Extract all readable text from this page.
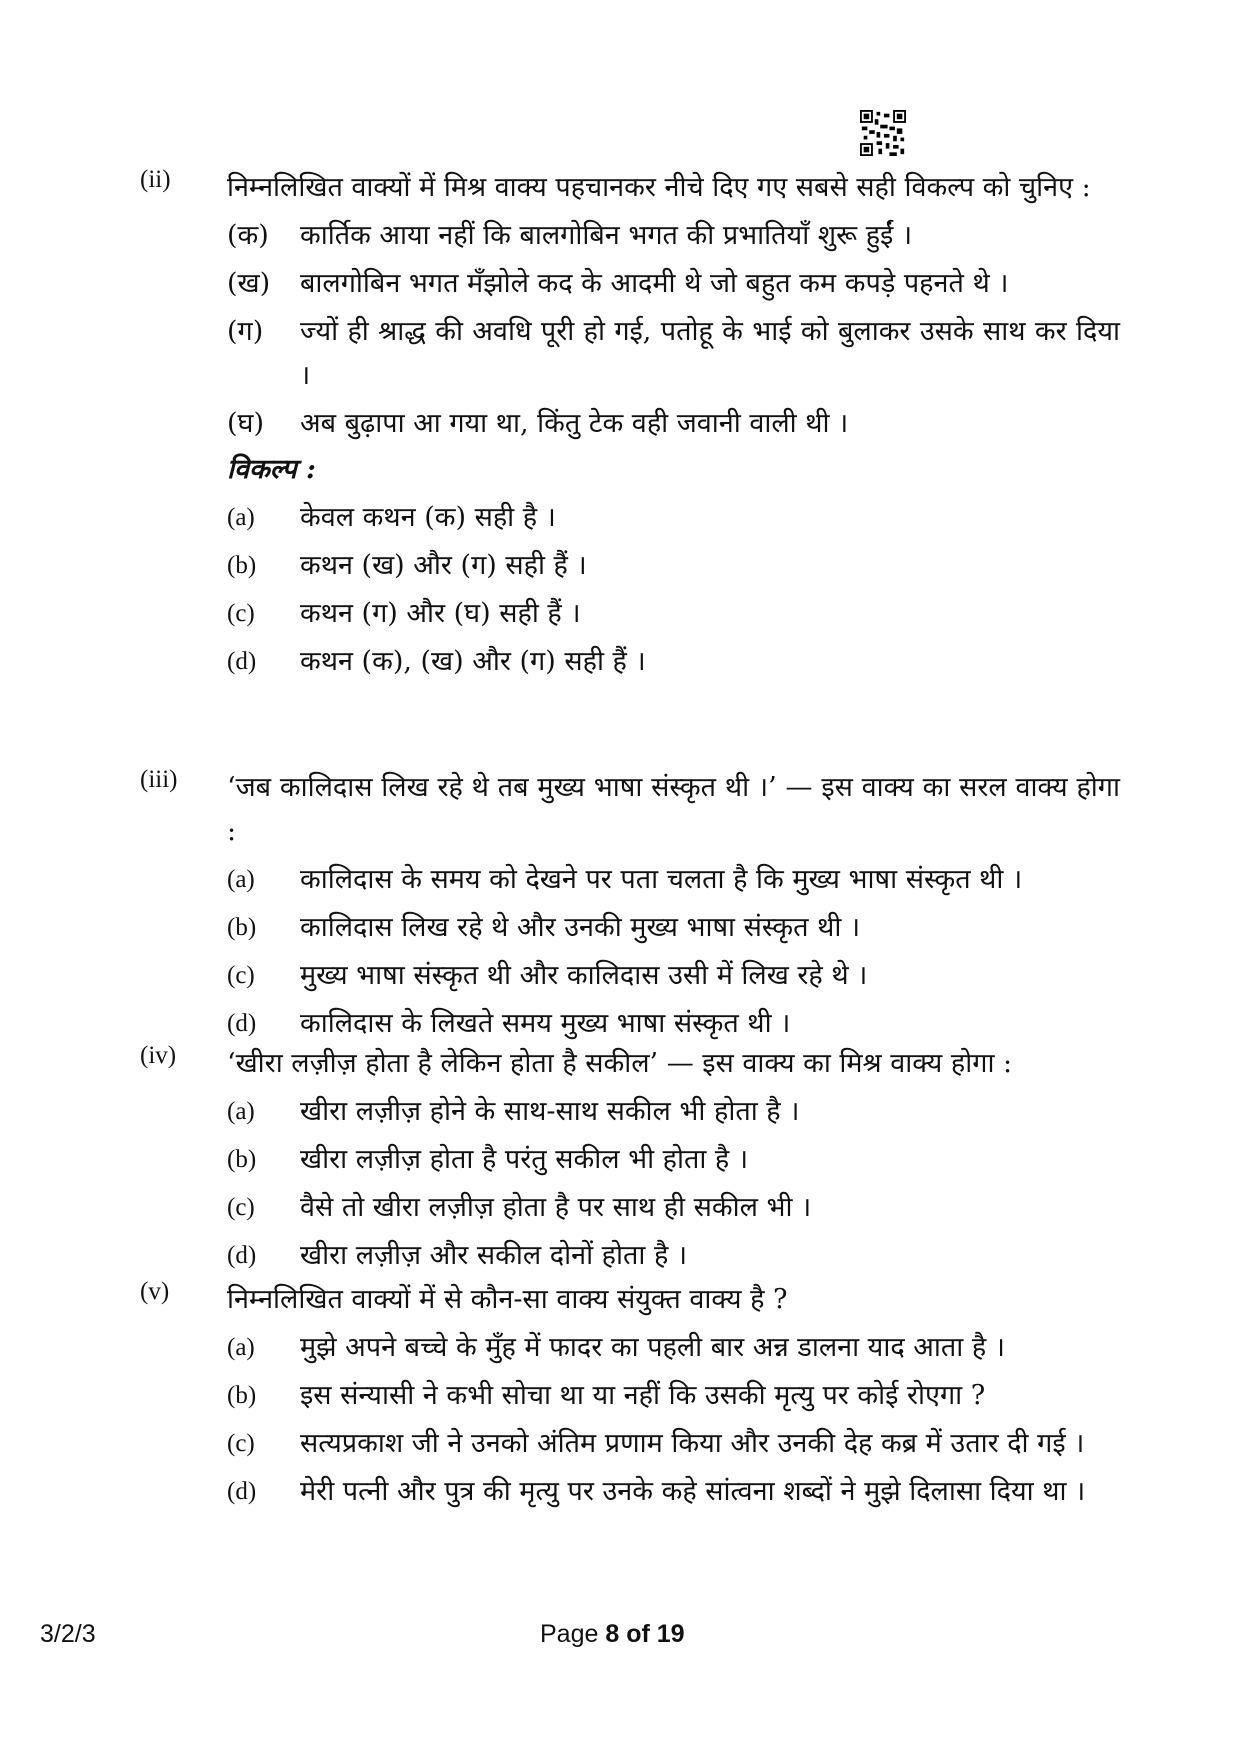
(ii) निम्नलिखित वाक्यों में मिश्र वाक्य पहचानकर नीचे दिए गए सबसे सही विकल्प को चुनिए :
(क) कार्तिक आया नहीं कि बालगोबिन भगत की प्रभातियाँ शुरू हुईं ।
(ख) बालगोबिन भगत मँझोले कद के आदमी थे जो बहुत कम कपड़े पहनते थे ।
(ग) ज्यों ही श्राद्ध की अवधि पूरी हो गई, पतोहू के भाई को बुलाकर उसके साथ कर दिया ।
(घ) अब बुढ़ापा आ गया था, किंतु टेक वही जवानी वाली थी ।
विकल्प :
(a) केवल कथन (क) सही है ।
(b) कथन (ख) और (ग) सही हैं ।
(c) कथन (ग) और (घ) सही हैं ।
(d) कथन (क), (ख) और (ग) सही हैं ।
(iii) ‘जब कालिदास लिख रहे थे तब मुख्य भाषा संस्कृत थी ।’ — इस वाक्य का सरल वाक्य होगा :
(a) कालिदास के समय को देखने पर पता चलता है कि मुख्य भाषा संस्कृत थी ।
(b) कालिदास लिख रहे थे और उनकी मुख्य भाषा संस्कृत थी ।
(c) मुख्य भाषा संस्कृत थी और कालिदास उसी में लिख रहे थे ।
(d) कालिदास के लिखते समय मुख्य भाषा संस्कृत थी ।
(iv) ‘खीरा लज़ीज़ होता है लेकिन होता है सकील’ — इस वाक्य का मिश्र वाक्य होगा :
(a) खीरा लज़ीज़ होने के साथ-साथ सकील भी होता है ।
(b) खीरा लज़ीज़ होता है परंतु सकील भी होता है ।
(c) वैसे तो खीरा लज़ीज़ होता है पर साथ ही सकील भी ।
(d) खीरा लज़ीज़ और सकील दोनों होता है ।
(v) निम्नलिखित वाक्यों में से कौन-सा वाक्य संयुक्त वाक्य है ?
(a) मुझे अपने बच्चे के मुँह में फादर का पहली बार अन्न डालना याद आता है ।
(b) इस संन्यासी ने कभी सोचा था या नहीं कि उसकी मृत्यु पर कोई रोएगा ?
(c) सत्यप्रकाश जी ने उनको अंतिम प्रणाम किया और उनकी देह कब्र में उतार दी गई ।
(d) मेरी पत्नी और पुत्र की मृत्यु पर उनके कहे सांत्वना शब्दों ने मुझे दिलासा दिया था ।
3/2/3	Page 8 of 19
